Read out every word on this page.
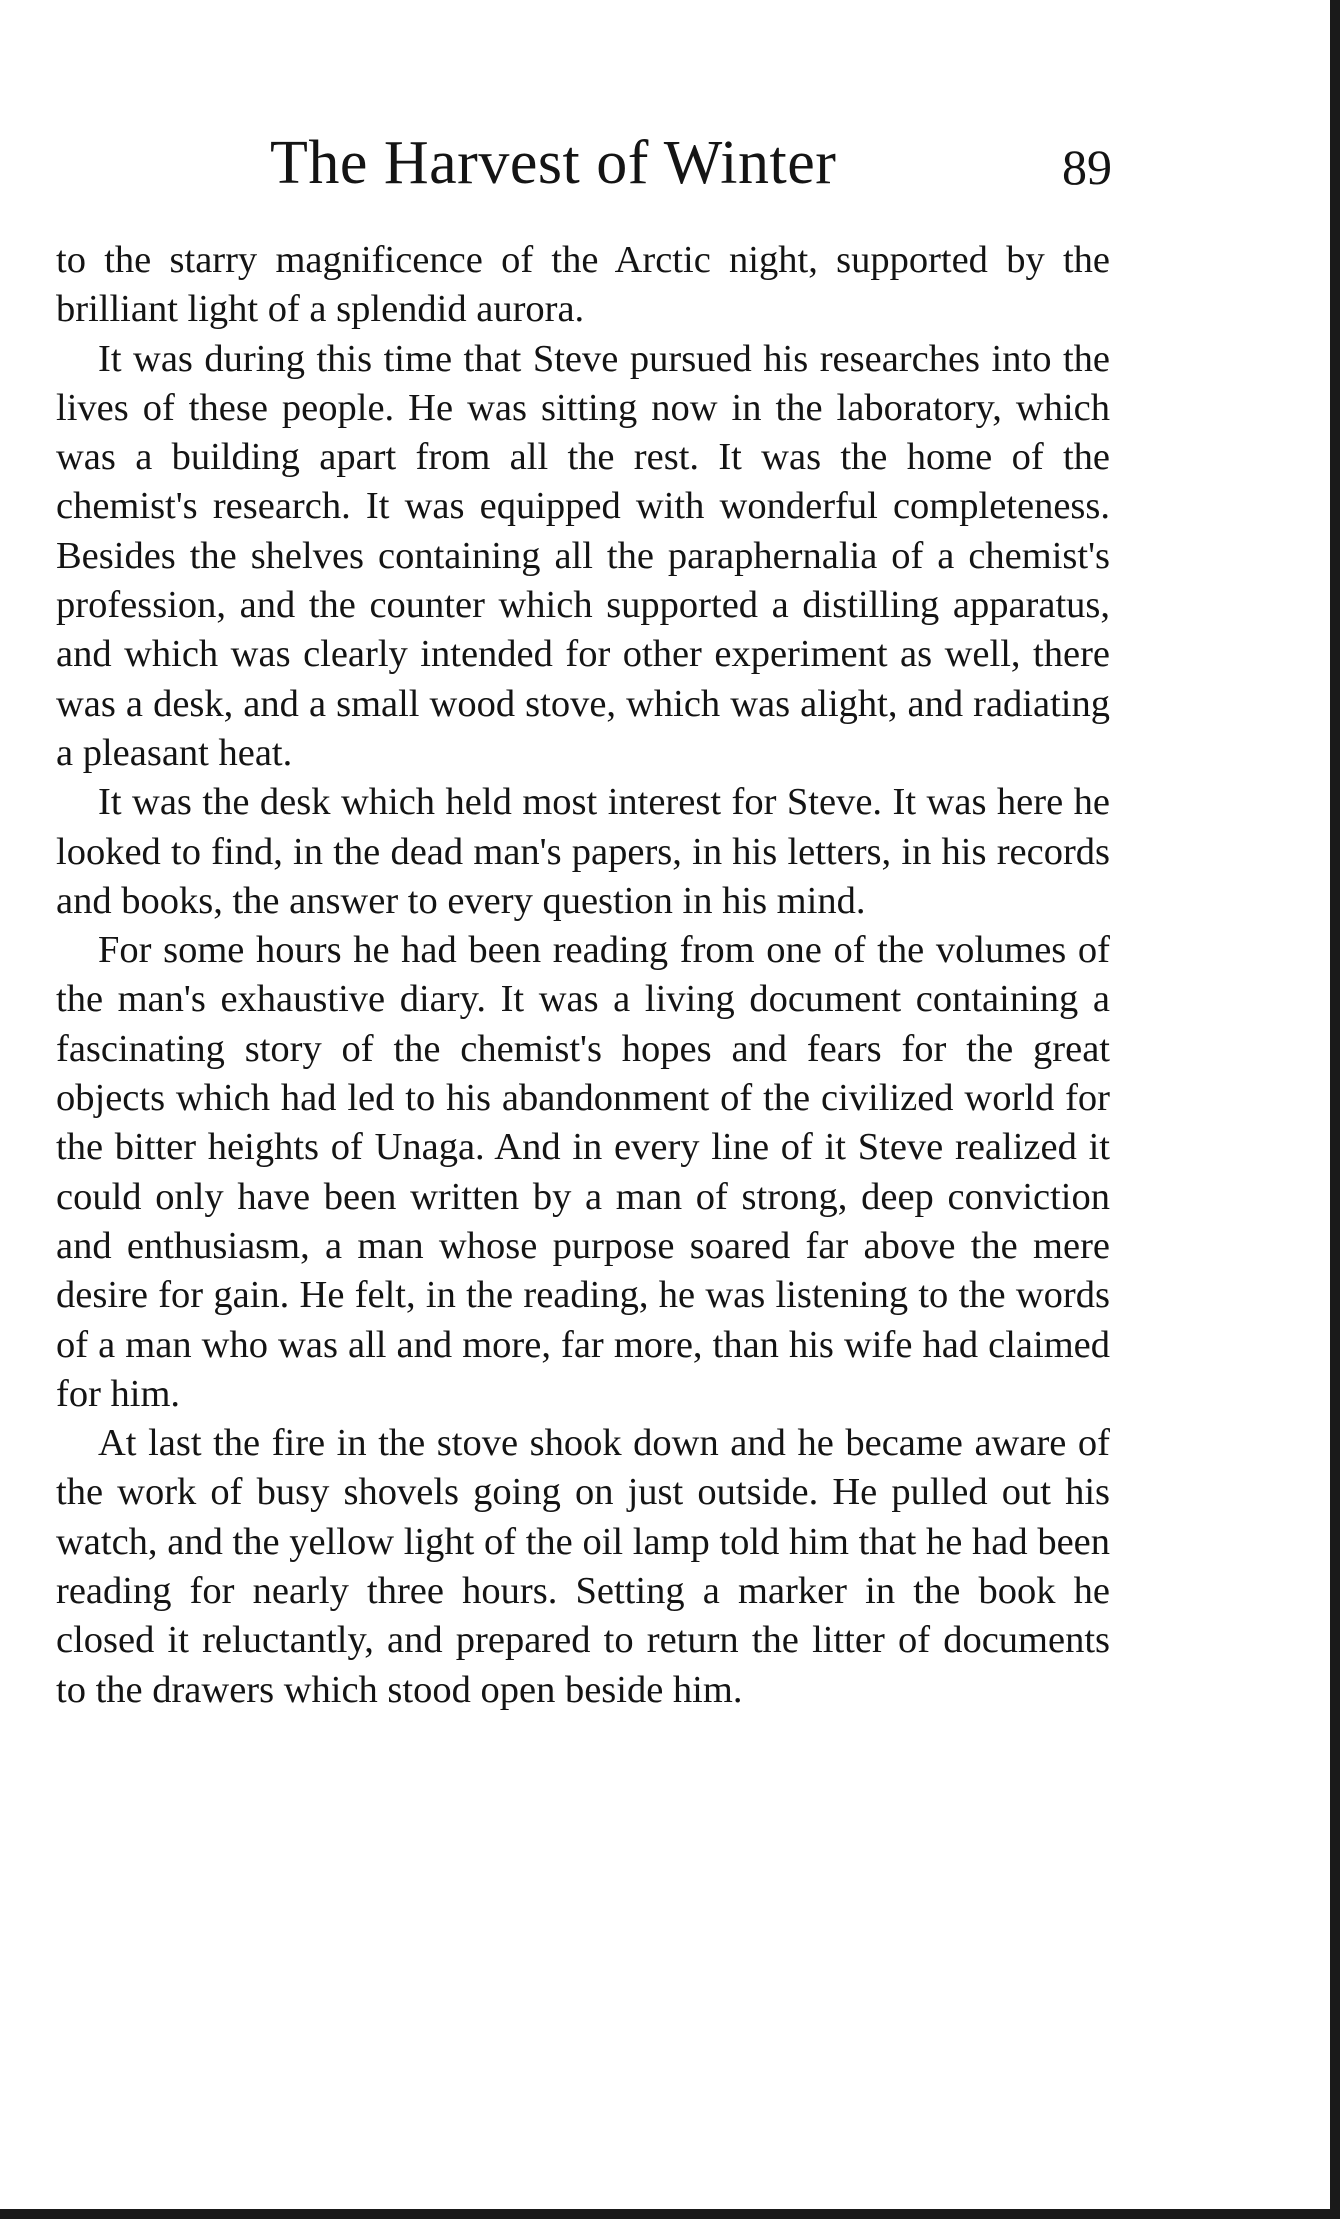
The Harvest of Winter	89

to the starry magnificence of the Arctic night, supported by the brilliant light of a splendid aurora.

It was during this time that Steve pursued his researches into the lives of these people. He was sitting now in the laboratory, which was a building apart from all the rest. It was the home of the chemist's research. It was equipped with wonderful completeness. Besides the shelves containing all the paraphernalia of a chemist's profession, and the counter which supported a distilling apparatus, and which was clearly intended for other experiment as well, there was a desk, and a small wood stove, which was alight, and radiating a pleasant heat.

It was the desk which held most interest for Steve. It was here he looked to find, in the dead man's papers, in his letters, in his records and books, the answer to every question in his mind.

For some hours he had been reading from one of the volumes of the man's exhaustive diary. It was a living document containing a fascinating story of the chemist's hopes and fears for the great objects which had led to his abandonment of the civilized world for the bitter heights of Unaga. And in every line of it Steve realized it could only have been written by a man of strong, deep conviction and enthusiasm, a man whose purpose soared far above the mere desire for gain. He felt, in the reading, he was listening to the words of a man who was all and more, far more, than his wife had claimed for him.

At last the fire in the stove shook down and he became aware of the work of busy shovels going on just outside. He pulled out his watch, and the yellow light of the oil lamp told him that he had been reading for nearly three hours. Setting a marker in the book he closed it reluctantly, and prepared to return the litter of documents to the drawers which stood open beside him.
